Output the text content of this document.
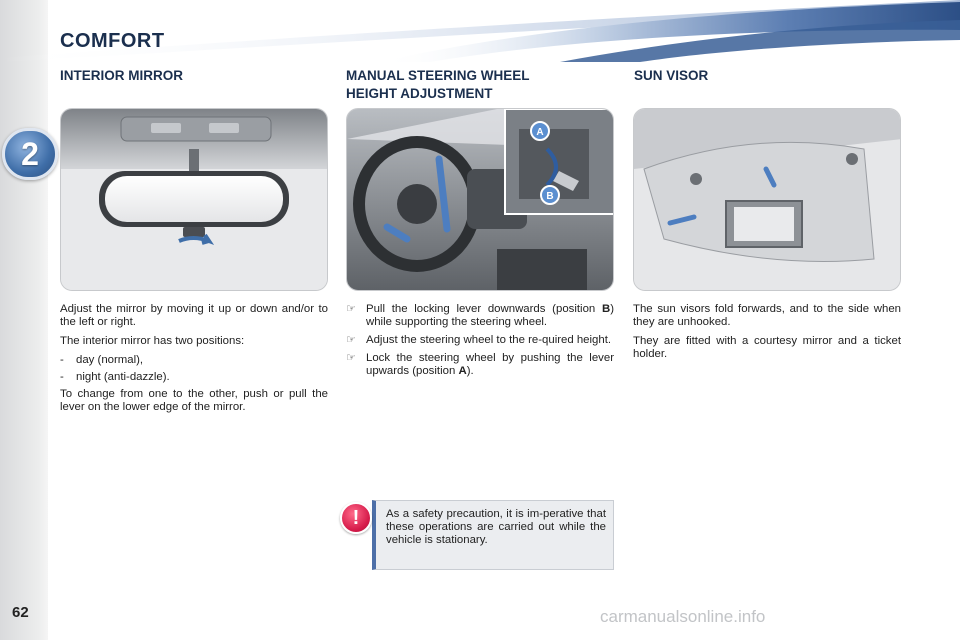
2
62
COMFORT
INTERIOR MIRROR	MANUAL STEERING WHEEL
HEIGHT ADJUSTMENT
SUN VISOR
A
B

Adjust the mirror by moving it up or down and/or to the left or right.

The interior mirror has two positions:

-	day (normal),
-	night (anti-dazzle).

To change from one to the other, push or pull the lever on the lower edge of the mirror.

☞ Pull the locking lever downwards (position B) while supporting the steering wheel.
☞ Adjust the steering wheel to the re-quired height.
☞ Lock the steering wheel by pushing the lever upwards (position A).

The sun visors fold forwards, and to the side when they are unhooked.

They are fitted with a courtesy mirror and a ticket holder.

!	As a safety precaution, it is im-perative that these operations are carried out while the vehicle is stationary.
carmanualsonline.info
